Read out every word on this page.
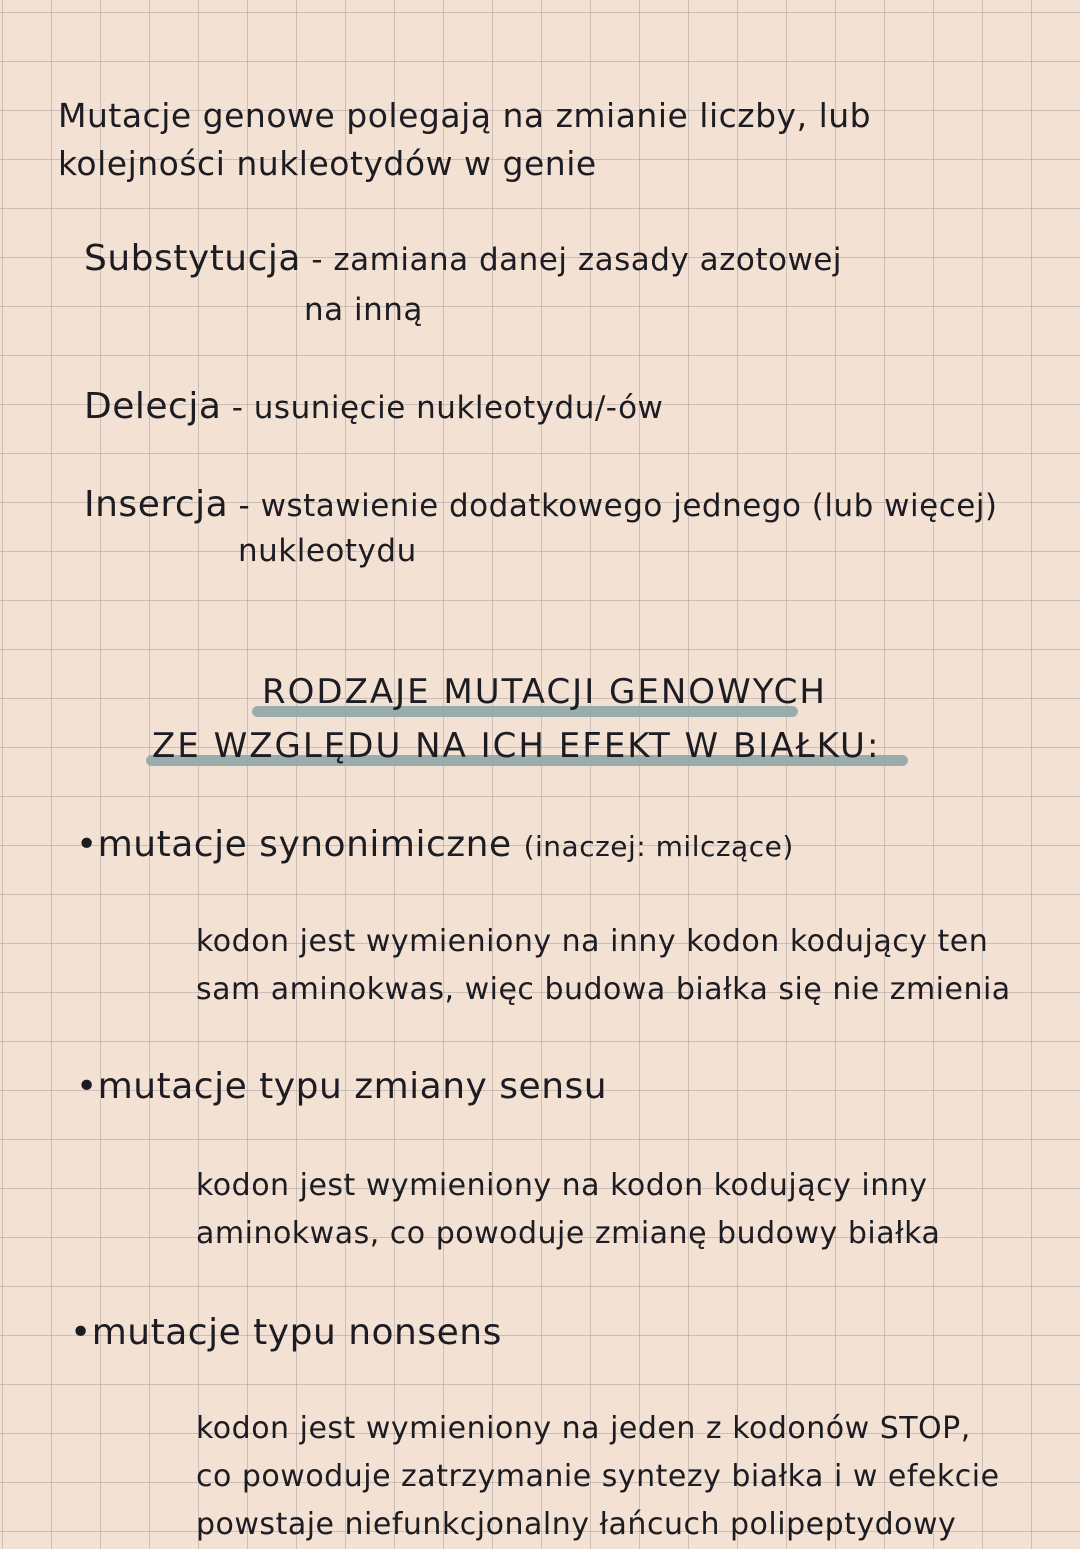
Mutacje genowe polegają na zmianie liczby, lub
kolejności nukleotydów w genie
Substytucja - zamiana danej zasady azotowej
na inną
Delecja - usunięcie nukleotydu/-ów
Insercja - wstawienie dodatkowego jednego (lub więcej)
nukleotydu
RODZAJE MUTACJI GENOWYCH
ZE WZGLĘDU NA ICH EFEKT W BIAŁKU:
•mutacje synonimiczne (inaczej: milczące)
kodon jest wymieniony na inny kodon kodujący ten
sam aminokwas, więc budowa białka się nie zmienia
•mutacje typu zmiany sensu
kodon jest wymieniony na kodon kodujący inny
aminokwas, co powoduje zmianę budowy białka
•mutacje typu nonsens
kodon jest wymieniony na jeden z kodonów STOP,
co powoduje zatrzymanie syntezy białka i w efekcie
powstaje niefunkcjonalny łańcuch polipeptydowy
